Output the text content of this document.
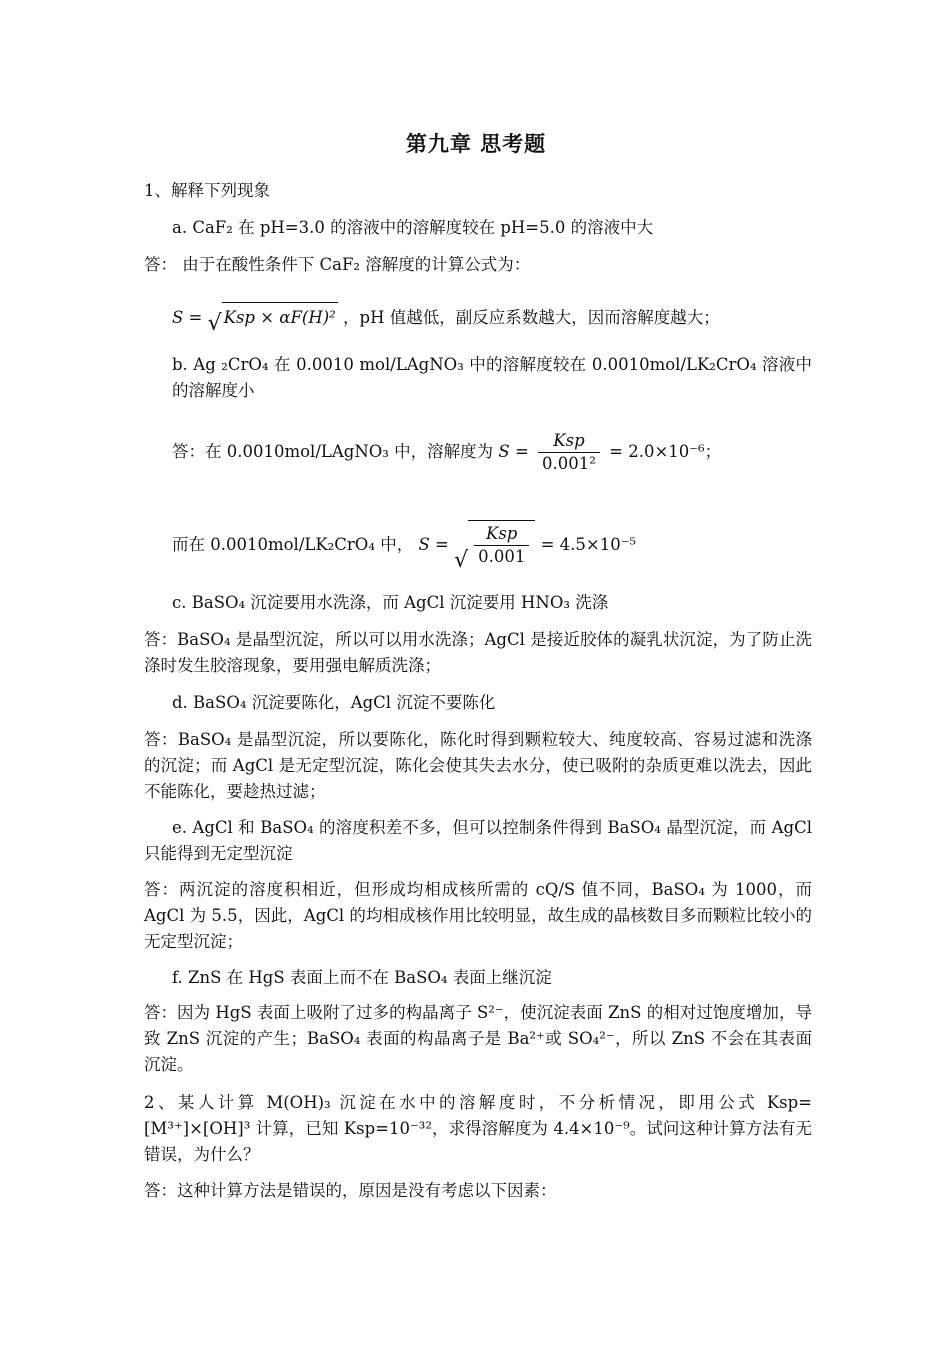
第九章 思考题
1、解释下列现象
a. CaF₂ 在 pH=3.0 的溶液中的溶解度较在 pH=5.0 的溶液中大
答： 由于在酸性条件下 CaF₂ 溶解度的计算公式为：
S = √ Ksp × αF(H)² ，pH 值越低，副反应系数越大，因而溶解度越大；
b. Ag ₂CrO₄ 在 0.0010 mol/LAgNO₃ 中的溶解度较在 0.0010mol/LK₂CrO₄ 溶液中的溶解度小
答：在 0.0010mol/LAgNO₃ 中，溶解度为 $S = \frac{\text{Ksp}}{\text{0.001²}} = 2.0\times 10^{-6}$；
而在 0.0010mol/LK₂CrO₄ 中， S =
√ $\frac{\text{Ksp}}{0.001} = 4.5\times 10^{-5}$
c. BaSO₄ 沉淀要用水洗涤，而 AgCl 沉淀要用 HNO₃ 洗涤
答：BaSO₄ 是晶型沉淀，所以可以用水洗涤；AgCl 是接近胶体的凝乳状沉淀，为了防止洗涤时发生胶溶现象，要用强电解质洗涤；
d. BaSO₄ 沉淀要陈化，AgCl 沉淀不要陈化
答：BaSO₄ 是晶型沉淀，所以要陈化，陈化时得到颗粒较大、纯度较高、容易过滤和洗涤的沉淀；而 AgCl 是无定型沉淀，陈化会使其失去水分，使已吸附的杂质更难以洗去，因此不能陈化，要趁热过滤；
e. AgCl 和 BaSO₄ 的溶度积差不多，但可以控制条件得到 BaSO₄ 晶型沉淀，而 AgCl 只能得到无定型沉淀
答：两沉淀的溶度积相近，但形成均相成核所需的 cQ/S 值不同，BaSO₄ 为 1000，而 AgCl 为 5.5，因此，AgCl 的均相成核作用比较明显，故生成的晶核数目多而颗粒比较小的无定型沉淀；
f. ZnS 在 HgS 表面上而不在 BaSO₄ 表面上继沉淀
答：因为 HgS 表面上吸附了过多的构晶离子 S²⁻，使沉淀表面 ZnS 的相对过饱度增加，导致 ZnS 沉淀的产生；BaSO₄ 表面的构晶离子是 Ba²⁺或 SO₄²⁻，所以 ZnS 不会在其表面沉淀。
2、某人计算 M(OH)₃ 沉淀在水中的溶解度时，不分析情况，即用公式 Ksp=[M³⁺]×[OH]³ 计算，已知 Ksp=10⁻³²，求得溶解度为 4.4×10⁻⁹。试问这种计算方法有无错误，为什么？
答：这种计算方法是错误的，原因是没有考虑以下因素：
